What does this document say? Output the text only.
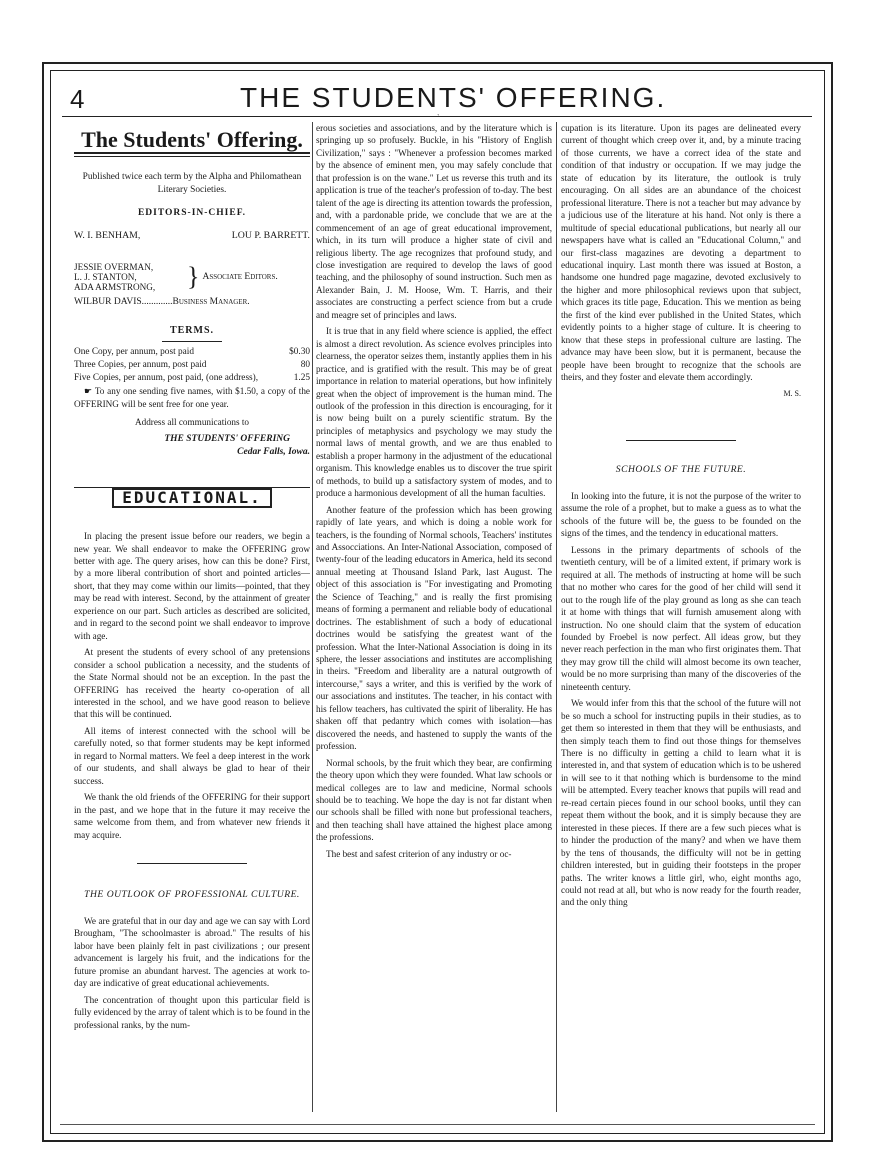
4	THE STUDENTS' OFFERING.
ˋ
The Students' Offering.
Published twice each term by the Alpha and Philomathean Literary Societies.
EDITORS-IN-CHIEF.
W. I. BENHAM,	LOU P. BARRETT.
JESSIE OVERMAN,
L. J. STANTON,
ADA ARMSTRONG,	} Associate Editors.
WILBUR DAVIS.............Business Manager.
TERMS.
One Copy, per annum, post paid	$0.30
Three Copies, per annum, post paid	80
Five Copies, per annum, post paid, (one address),	1.25

☛ To any one sending five names, with $1.50, a copy of the OFFERING will be sent free for one year.

Address all communications to

THE STUDENTS' OFFERING
Cedar Falls, Iowa.
EDUCATIONAL.

In placing the present issue before our readers, we begin a new year. We shall endeavor to make the OFFERING grow better with age. The query arises, how can this be done? First, by a more liberal contribution of short and pointed articles—short, that they may come within our limits—pointed, that they may be read with interest. Second, by the attainment of greater experience on our part. Such articles as described are solicited, and in regard to the second point we shall endeavor to improve with age.

At present the students of every school of any pretensions consider a school publication a necessity, and the students of the State Normal should not be an exception. In the past the OFFERING has received the hearty co-operation of all interested in the school, and we have good reason to believe that this will be continued.

All items of interest connected with the school will be carefully noted, so that former students may be kept informed in regard to Normal matters. We feel a deep interest in the work of our students, and shall always be glad to hear of their success.

We thank the old friends of the OFFERING for their support in the past, and we hope that in the future it may receive the same welcome from them, and from whatever new friends it may acquire.

THE OUTLOOK OF PROFESSIONAL CULTURE.

We are grateful that in our day and age we can say with Lord Brougham, "The schoolmaster is abroad." The results of his labor have been plainly felt in past civilizations ; our present advancement is largely his fruit, and the indications for the future promise an abundant harvest. The agencies at work to-day are indicative of great educational achievements.

The concentration of thought upon this particular field is fully evidenced by the array of talent which is to be found in the professional ranks, by the num-

erous societies and associations, and by the literature which is springing up so profusely. Buckle, in his "History of English Civilization," says : "Whenever a profession becomes marked by the absence of eminent men, you may safely conclude that that profession is on the wane." Let us reverse this truth and its application is true of the teacher's profession of to-day. The best talent of the age is directing its attention towards the profession, and, with a pardonable pride, we conclude that we are at the commencement of an age of great educational improvement, which, in its turn will produce a higher state of civil and religious liberty. The age recognizes that profound study, and close investigation are required to develop the laws of good teaching, and the philosophy of sound instruction. Such men as Alexander Bain, J. M. Hoose, Wm. T. Harris, and their associates are constructing a perfect science from but a crude and meagre set of principles and laws.

It is true that in any field where science is applied, the effect is almost a direct revolution. As science evolves principles into clearness, the operator seizes them, instantly applies them in his practice, and is gratified with the result. This may be of great importance in relation to material operations, but how infinitely great when the object of improvement is the human mind. The outlook of the profession in this direction is encouraging, for it is now being built on a purely scientific stratum. By the principles of metaphysics and psychology we may study the normal laws of mental growth, and we are thus enabled to establish a proper harmony in the adjustment of the educational organism. This knowledge enables us to discover the true spirit of methods, to build up a satisfactory system of modes, and to produce a harmonious development of all the human faculties.

Another feature of the profession which has been growing rapidly of late years, and which is doing a noble work for teachers, is the founding of Normal schools, Teachers' institutes and Assocciations. An Inter-National Association, composed of twenty-four of the leading educators in America, held its second annual meeting at Thousand Island Park, last August. The object of this association is "For investigating and Promoting the Science of Teaching," and is really the first promising means of forming a permanent and reliable body of educational doctrines. The establishment of such a body of educational doctrines would be satisfying the greatest want of the profession. What the Inter-National Association is doing in its sphere, the lesser associations and institutes are accomplishing in theirs. "Freedom and liberality are a natural outgrowth of intercourse," says a writer, and this is verified by the work of our associations and institutes. The teacher, in his contact with his fellow teachers, has cultivated the spirit of liberality. He has shaken off that pedantry which comes with isolation—has discovered the needs, and hastened to supply the wants of the profession.

Normal schools, by the fruit which they bear, are confirming the theory upon which they were founded. What law schools or medical colleges are to law and medicine, Normal schools should be to teaching. We hope the day is not far distant when our schools shall be filled with none but professional teachers, and then teaching shall have attained the highest place among the professions.

The best and safest criterion of any industry or oc-

cupation is its literature. Upon its pages are delineated every current of thought which creep over it, and, by a minute tracing of those currents, we have a correct idea of the state and condition of that industry or occupation. If we may judge the state of education by its literature, the outlook is truly encouraging. On all sides are an abundance of the choicest professional literature. There is not a teacher but may advance by a judicious use of the literature at his hand. Not only is there a multitude of special educational publications, but nearly all our newspapers have what is called an "Educational Column," and our first-class magazines are devoting a department to educational inquiry. Last month there was issued at Boston, a handsome one hundred page magazine, devoted exclusively to the higher and more philosophical reviews upon that subject, which graces its title page, Education. This we mention as being the first of the kind ever published in the United States, which evidently points to a higher stage of culture. It is cheering to know that these steps in professional culture are lasting. The advance may have been slow, but it is permanent, because the people have been brought to recognize that the schools are theirs, and they foster and elevate them accordingly.

M. S.
SCHOOLS OF THE FUTURE.

In looking into the future, it is not the purpose of the writer to assume the role of a prophet, but to make a guess as to what the schools of the future will be, the guess to be founded on the signs of the times, and the tendency in educational matters.

Lessons in the primary departments of schools of the twentieth century, will be of a limited extent, if primary work is required at all. The methods of instructing at home will be such that no mother who cares for the good of her child will send it out to the rough life of the play ground as long as she can teach it at home with things that will furnish amusement along with instruction. No one should claim that the system of education founded by Froebel is now perfect. All ideas grow, but they never reach perfection in the man who first originates them. That they may grow till the child will almost become its own teacher, would be no more surprising than many of the discoveries of the nineteenth century.

We would infer from this that the school of the future will not be so much a school for instructing pupils in their studies, as to get them so interested in them that they will be enthusiasts, and then simply teach them to find out those things for themselves There is no difficulty in getting a child to learn what it is interested in, and that system of education which is to be ushered in will see to it that nothing which is burdensome to the mind will be attempted. Every teacher knows that pupils will read and re-read certain pieces found in our school books, until they can repeat them without the book, and it is simply because they are interested in these pieces. If there are a few such pieces what is to hinder the production of the many? and when we have them by the tens of thousands, the difficulty will not be in getting children interested, but in guiding their footsteps in the proper paths. The writer knows a little girl, who, eight months ago, could not read at all, but who is now ready for the fourth reader, and the only thing
